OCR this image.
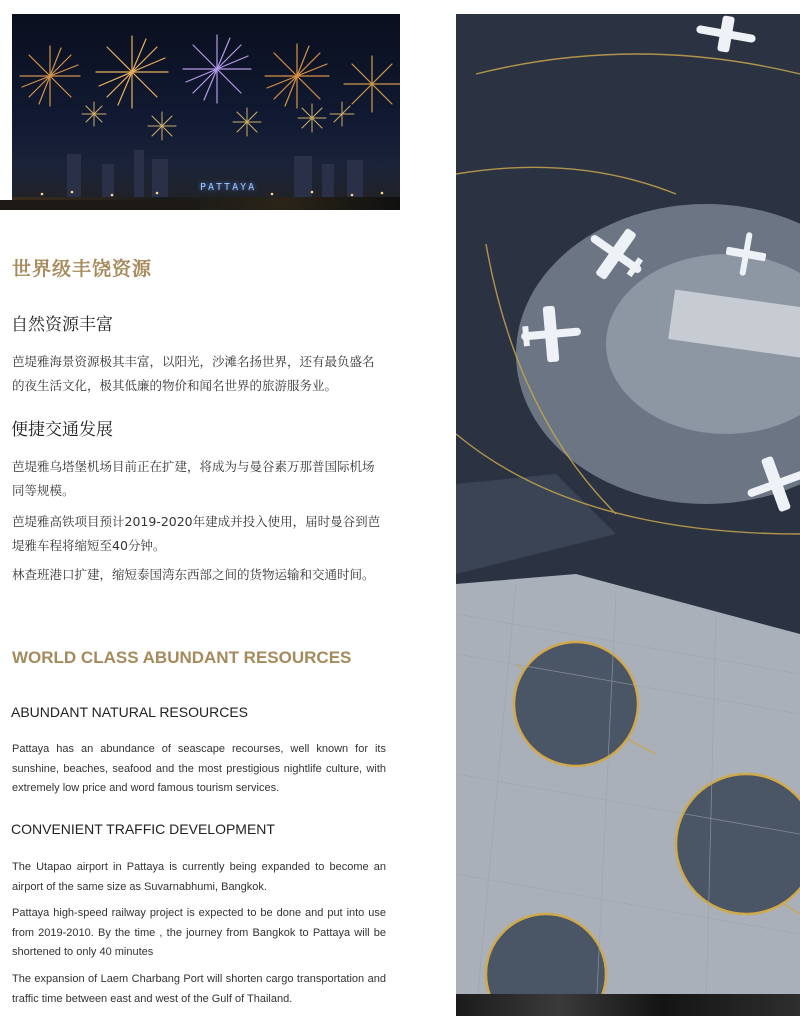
PATTAYA
世界级丰饶资源
自然资源丰富
芭堤雅海景资源极其丰富，以阳光，沙滩名扬世界，还有最负盛名的夜生活文化，极其低廉的物价和闻名世界的旅游服务业。
便捷交通发展
芭堤雅乌塔堡机场目前正在扩建，将成为与曼谷素万那普国际机场同等规模。
芭堤雅高铁项目预计2019-2020年建成并投入使用，届时曼谷到芭堤雅车程将缩短至40分钟。
林查班港口扩建，缩短泰国湾东西部之间的货物运输和交通时间。
WORLD CLASS ABUNDANT RESOURCES
ABUNDANT NATURAL RESOURCES
Pattaya has an abundance of seascape recourses, well known for its sunshine, beaches, seafood and the most prestigious nightlife culture, with extremely low price and word famous tourism services.
CONVENIENT TRAFFIC DEVELOPMENT
The Utapao airport in Pattaya is currently being expanded to become an airport of the same size as Suvarnabhumi, Bangkok.
Pattaya high-speed railway project is expected to be done and put into use from 2019-2010. By the time , the journey from Bangkok to Pattaya will be shortened to only 40 minutes
The expansion of Laem Charbang Port will shorten cargo transportation and traffic time between east and west of the Gulf of Thailand.
